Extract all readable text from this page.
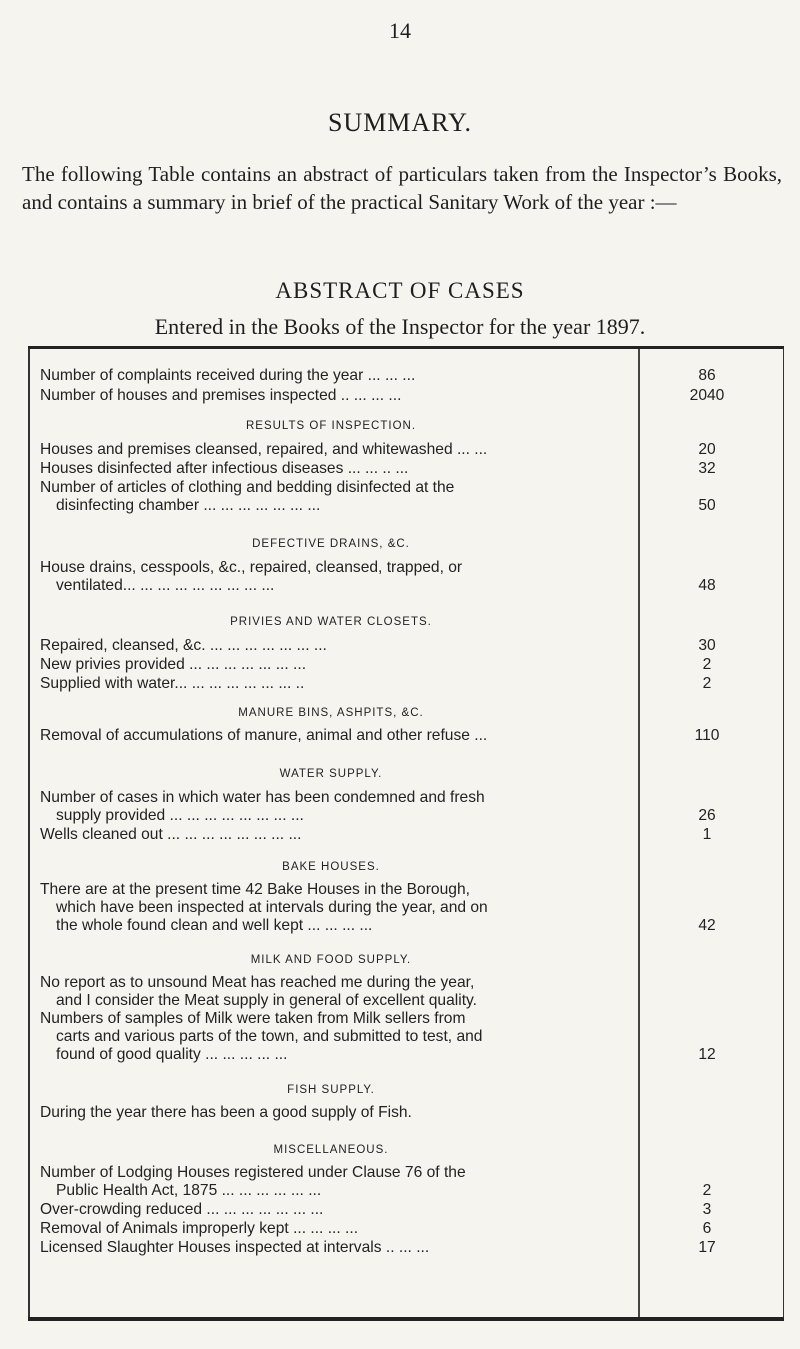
14
SUMMARY.
The following Table contains an abstract of particulars taken from the Inspector’s Books, and contains a summary in brief of the practical Sanitary Work of the year :—
ABSTRACT OF CASES
Entered in the Books of the Inspector for the year 1897.
Number of complaints received during the year ... ... ...	86
Number of houses and premises inspected .. ... ... ...	2040
RESULTS OF INSPECTION.
Houses and premises cleansed, repaired, and whitewashed ... ...	20
Houses disinfected after infectious diseases ... ... .. ...	32
Number of articles of clothing and bedding disinfected at the
disinfecting chamber ... ... ... ... ... ... ...	50
DEFECTIVE DRAINS, &C.
House drains, cesspools, &c., repaired, cleansed, trapped, or
ventilated... ... ... ... ... ... ... ... ...	48
PRIVIES AND WATER CLOSETS.
Repaired, cleansed, &c. ... ... ... ... ... ... ...	30
New privies provided ... ... ... ... ... ... ...	2
Supplied with water... ... ... ... ... ... ... ..	2
MANURE BINS, ASHPITS, &C.
Removal of accumulations of manure, animal and other refuse ...	110
WATER SUPPLY.
Number of cases in which water has been condemned and fresh
supply provided ... ... ... ... ... ... ... ...	26
Wells cleaned out ... ... ... ... ... ... ... ...	1
BAKE HOUSES.
There are at the present time 42 Bake Houses in the Borough,
which have been inspected at intervals during the year, and on
the whole found clean and well kept ... ... ... ...	42
MILK AND FOOD SUPPLY.
No report as to unsound Meat has reached me during the year,
and I consider the Meat supply in general of excellent quality.
Numbers of samples of Milk were taken from Milk sellers from
carts and various parts of the town, and submitted to test, and
found of good quality ... ... ... ... ...	12
FISH SUPPLY.
During the year there has been a good supply of Fish.
MISCELLANEOUS.
Number of Lodging Houses registered under Clause 76 of the
Public Health Act, 1875 ... ... ... ... ... ...	2
Over-crowding reduced ... ... ... ... ... ... ...	3
Removal of Animals improperly kept ... ... ... ...	6
Licensed Slaughter Houses inspected at intervals .. ... ...	17
